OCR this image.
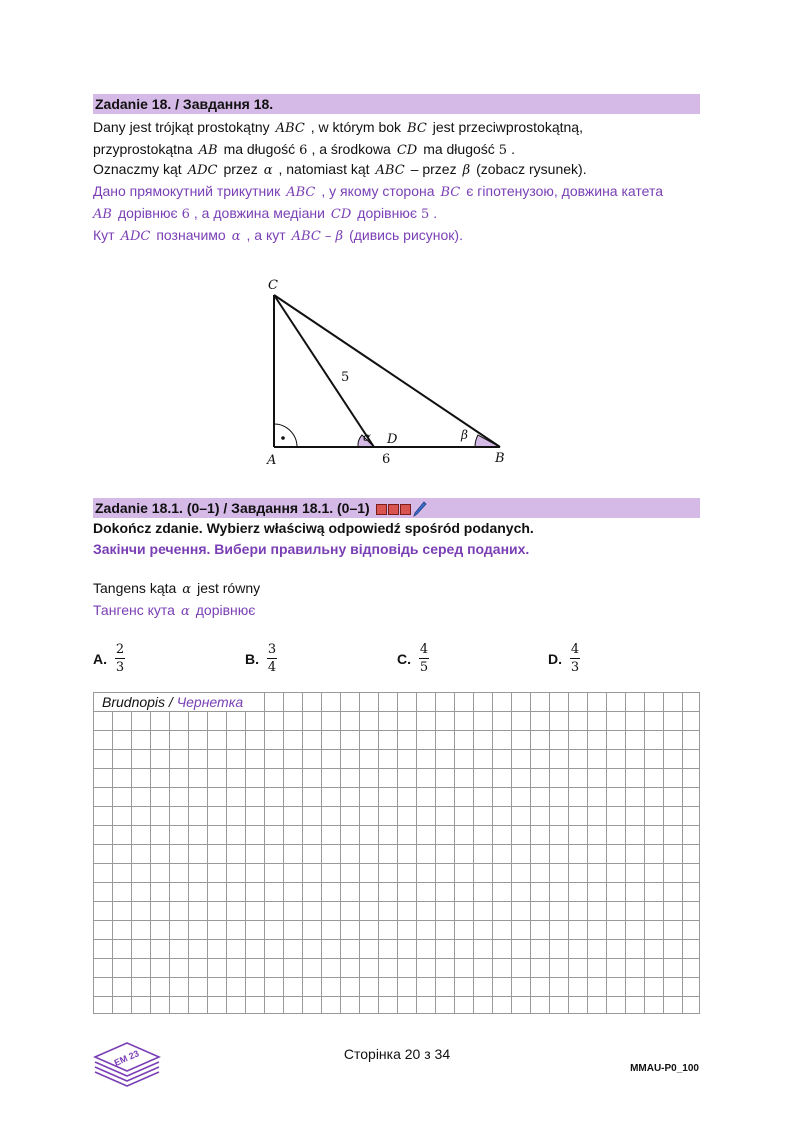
Zadanie 18. / Завдання 18.
Dany jest trójkąt prostokątny ABC , w którym bok BC jest przeciwprostokątną,
przyprostokątna AB ma długość 6 , a środkowa CD ma długość 5 .
Oznaczmy kąt ADC przez α , natomiast kąt ABC – przez β (zobacz rysunek).
Дано прямокутний трикутник ABC , у якому сторона BC є гіпотенузою, довжина катета
AB дорівнює 6 , а довжина медіани CD дорівнює 5 .
Кут ADC позначимо α , а кут ABC – β (дивись рисунок).
C
A	B
D
5
6
α	β
Zadanie 18.1. (0–1) / Завдання 18.1. (0–1)
Dokończ zdanie. Wybierz właściwą odpowiedź spośród podanych.
Закінчи речення. Вибери правильну відповідь серед поданих.
Tangens kąta α jest równy
Тангенс кута α дорівнює
A. $\frac{2}{3}$	B. $\frac{3}{4}$	C. $\frac{4}{5}$	D. $\frac{4}{3}$
Brudnopis / Чернетка
EM 23	Сторінка 20 з 34
MMAU-P0_100
